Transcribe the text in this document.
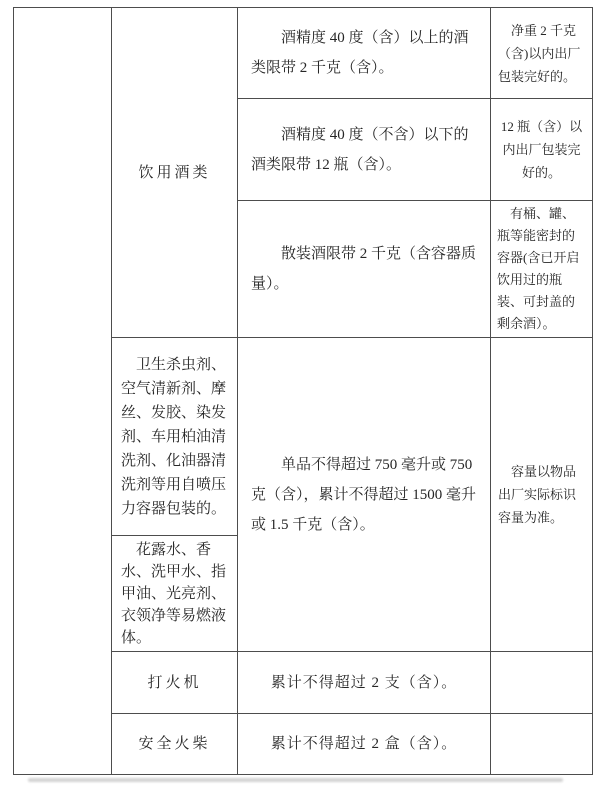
	饮用酒类	酒精度 40 度（含）以上的酒类限带 2 千克（含）。	净重 2 千克（含)以内出厂包装完好的。

		酒精度 40 度（不含）以下的酒类限带 12 瓶（含）。	12 瓶（含）以内出厂包装完好的。

		散装酒限带 2 千克（含容器质量）。	有桶、罐、瓶等能密封的容器(含已开启饮用过的瓶装、可封盖的剩余酒）。

	卫生杀虫剂、空气清新剂、摩丝、发胶、染发剂、车用柏油清洗剂、化油器清洗剂等用自喷压力容器包装的。	单品不得超过 750 毫升或 750 克（含），累计不得超过 1500 毫升或 1.5 千克（含）。	容量以物品出厂实际标识容量为准。

	花露水、香水、洗甲水、指甲油、光亮剂、衣领净等易燃液体。		

	打火机	累计不得超过 2 支（含）。	
	安全火柴	累计不得超过 2 盒（含）。	
